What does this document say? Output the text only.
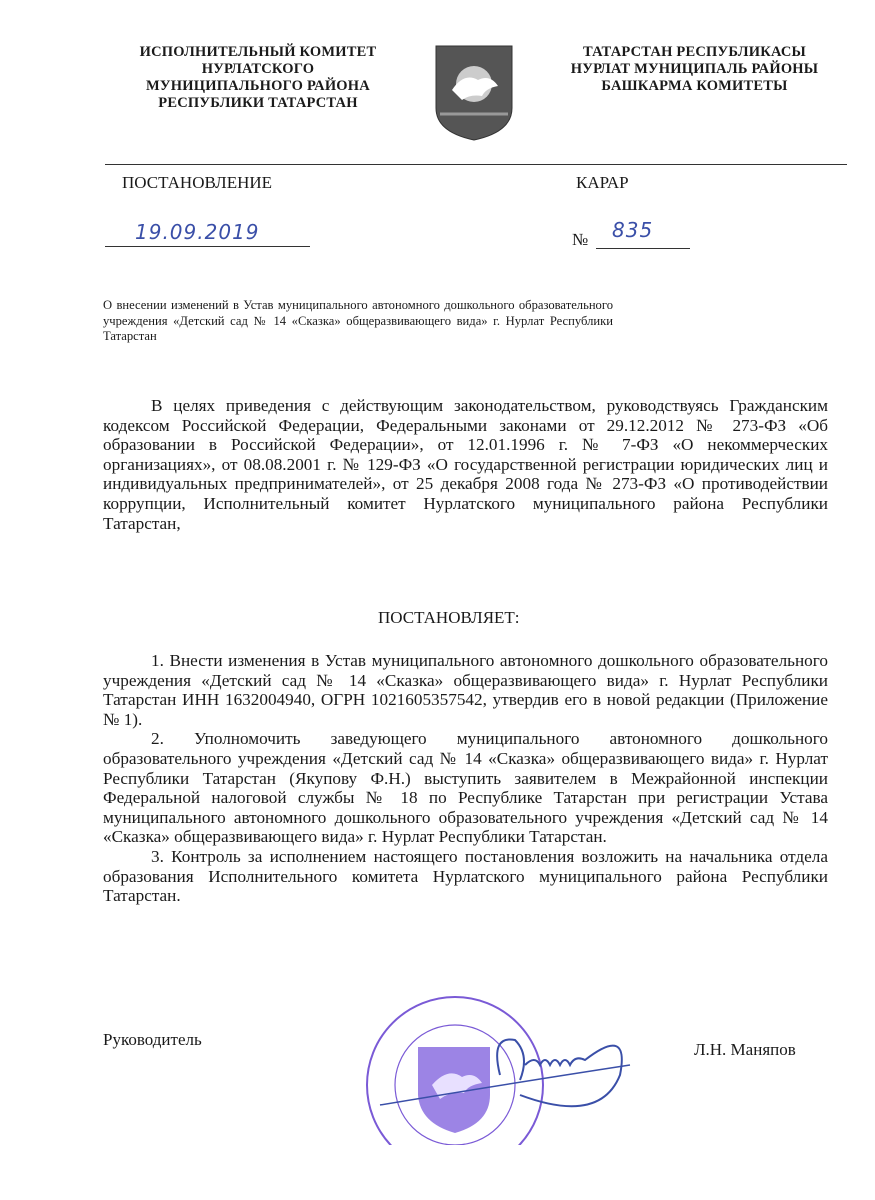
ИСПОЛНИТЕЛЬНЫЙ КОМИТЕТ
НУРЛАТСКОГО
МУНИЦИПАЛЬНОГО РАЙОНА
РЕСПУБЛИКИ ТАТАРСТАН
ТАТАРСТАН РЕСПУБЛИКАСЫ
НУРЛАТ МУНИЦИПАЛЬ РАЙОНЫ
БАШКАРМА КОМИТЕТЫ
ПОСТАНОВЛЕНИЕ	КАРАР
19.09.2019	№ 835
О внесении изменений в Устав муниципального автономного дошкольного образовательного учреждения «Детский сад № 14 «Сказка» общеразвивающего вида» г. Нурлат Республики Татарстан

В целях приведения с действующим законодательством, руководствуясь Гражданским кодексом Российской Федерации, Федеральными законами от 29.12.2012 № 273-ФЗ «Об образовании в Российской Федерации», от 12.01.1996 г. № 7-ФЗ «О некоммерческих организациях», от 08.08.2001 г. № 129-ФЗ «О государственной регистрации юридических лиц и индивидуальных предпринимателей», от 25 декабря 2008 года № 273-ФЗ «О противодействии коррупции, Исполнительный комитет Нурлатского муниципального района Республики Татарстан,

ПОСТАНОВЛЯЕТ:

1. Внести изменения в Устав муниципального автономного дошкольного образовательного учреждения «Детский сад № 14 «Сказка» общеразвивающего вида» г. Нурлат Республики Татарстан ИНН 1632004940, ОГРН 1021605357542, утвердив его в новой редакции (Приложение № 1).

2. Уполномочить заведующего муниципального автономного дошкольного образовательного учреждения «Детский сад № 14 «Сказка» общеразвивающего вида» г. Нурлат Республики Татарстан (Якупову Ф.Н.) выступить заявителем в Межрайонной инспекции Федеральной налоговой службы № 18 по Республике Татарстан при регистрации Устава муниципального автономного дошкольного образовательного учреждения «Детский сад № 14 «Сказка» общеразвивающего вида» г. Нурлат Республики Татарстан.

3. Контроль за исполнением настоящего постановления возложить на начальника отдела образования Исполнительного комитета Нурлатского муниципального района Республики Татарстан.

Руководитель
Л.Н. Маняпов
